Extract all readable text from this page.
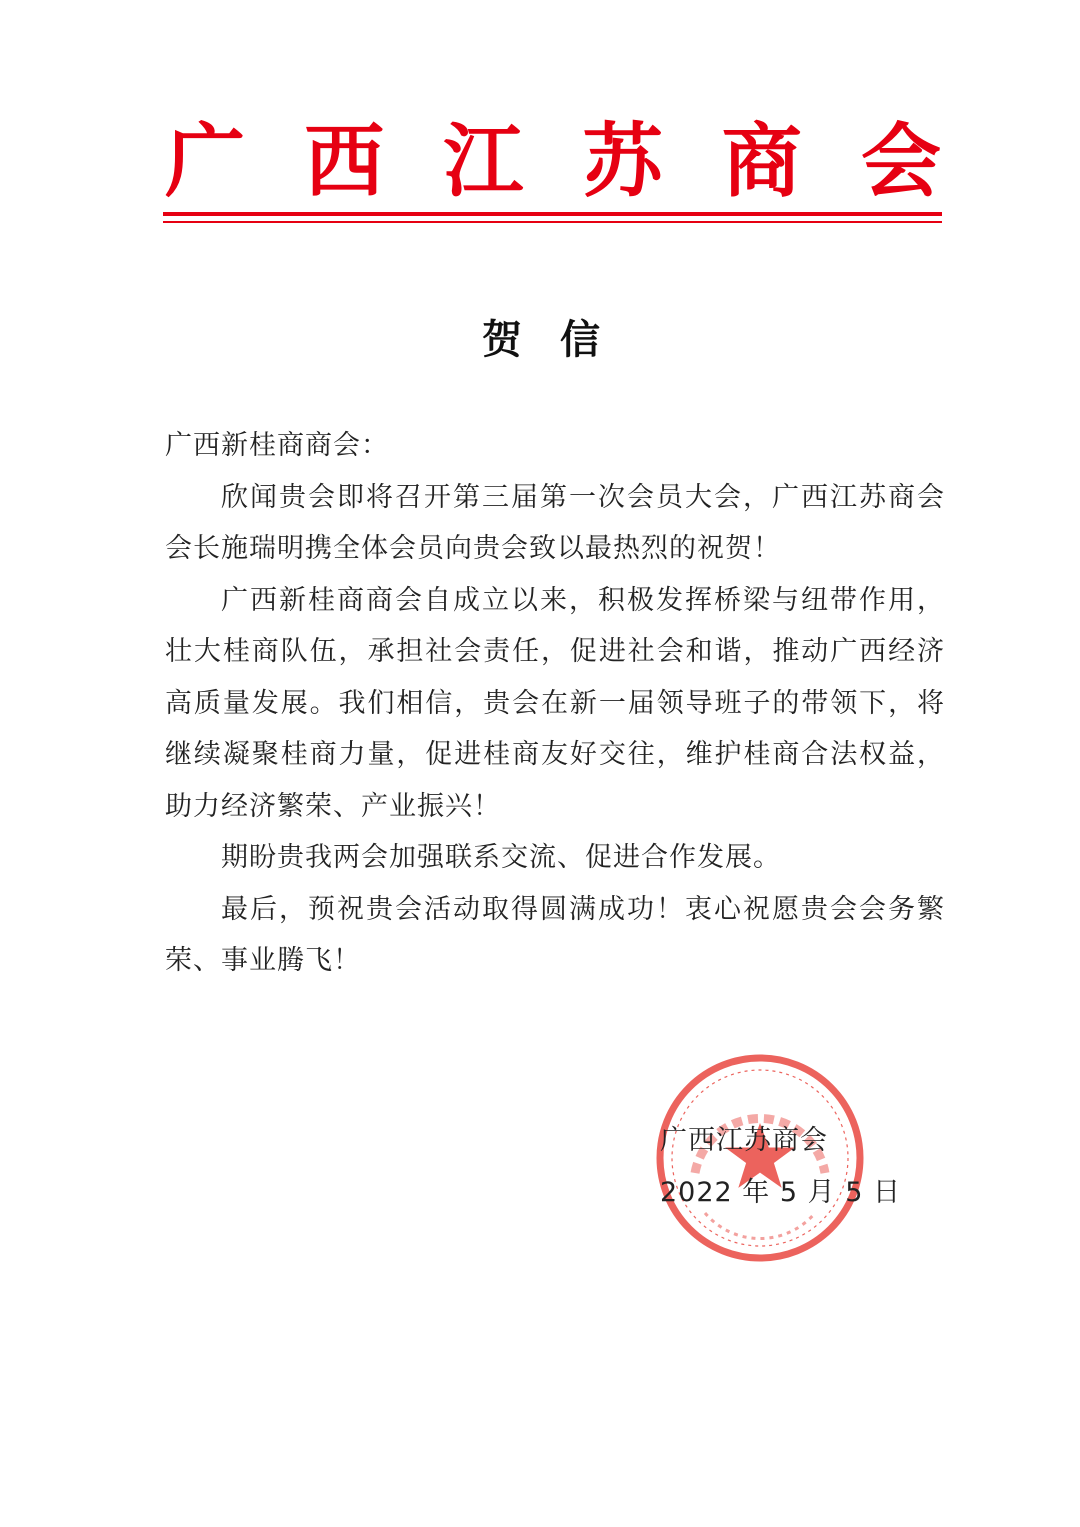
广 西 江 苏 商 会
贺信

广西新桂商商会：

欣闻贵会即将召开第三届第一次会员大会，广西江苏商会会长施瑞明携全体会员向贵会致以最热烈的祝贺！

广西新桂商商会自成立以来，积极发挥桥梁与纽带作用，壮大桂商队伍，承担社会责任，促进社会和谐，推动广西经济高质量发展。我们相信，贵会在新一届领导班子的带领下，将继续凝聚桂商力量，促进桂商友好交往，维护桂商合法权益，助力经济繁荣、产业振兴！

期盼贵我两会加强联系交流、促进合作发展。

最后，预祝贵会活动取得圆满成功！衷心祝愿贵会会务繁荣、事业腾飞！

广西江苏商会
2022 年 5 月 5 日
